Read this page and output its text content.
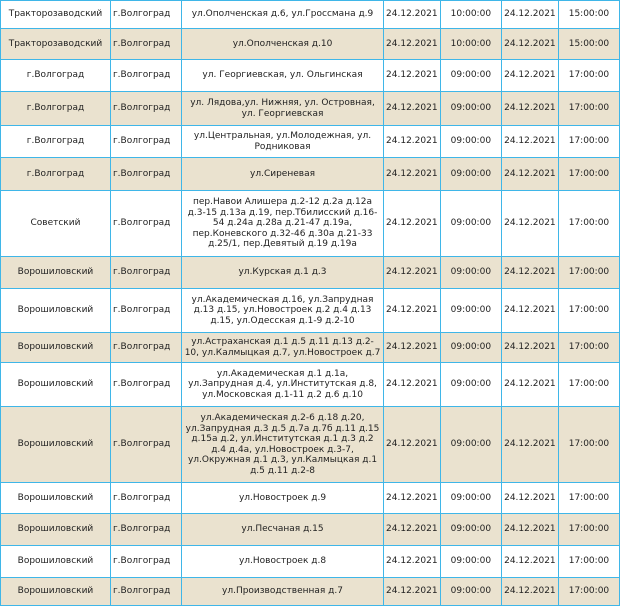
Тракторозаводский	г.Волгоград	ул.Ополченская д.6, ул.Гроссмана д.9	24.12.2021	10:00:00	24.12.2021	15:00:00
Тракторозаводский	г.Волгоград	ул.Ополченская д.10	24.12.2021	10:00:00	24.12.2021	15:00:00
г.Волгоград	г.Волгоград	ул. Георгиевская, ул. Ольгинская	24.12.2021	09:00:00	24.12.2021	17:00:00
г.Волгоград	г.Волгоград	ул. Лядова,ул. Нижняя, ул. Островная, ул. Георгиевская	24.12.2021	09:00:00	24.12.2021	17:00:00
г.Волгоград	г.Волгоград	ул.Центральная, ул.Молодежная, ул. Родниковая	24.12.2021	09:00:00	24.12.2021	17:00:00
г.Волгоград	г.Волгоград	ул.Сиреневая	24.12.2021	09:00:00	24.12.2021	17:00:00
Советский	г.Волгоград	пер.Навои Алишера д.2-12 д.2а д.12а д.3-15 д.13а д.19, пер.Тбилисский д.16-54 д.24а д.28а д.21-47 д.19а, пер.Коневского д.32-46 д.30а д.21-33 д.25/1, пер.Девятый д.19 д.19а	24.12.2021	09:00:00	24.12.2021	17:00:00
Ворошиловский	г.Волгоград	ул.Курская д.1 д.3	24.12.2021	09:00:00	24.12.2021	17:00:00
Ворошиловский	г.Волгоград	ул.Академическая д.16, ул.Запрудная д.13 д.15, ул.Новостроек д.2 д.4 д.13 д.15, ул.Одесская д.1-9 д.2-10	24.12.2021	09:00:00	24.12.2021	17:00:00
Ворошиловский	г.Волгоград	ул.Астраханская д.1 д.5 д.11 д.13 д.2-10, ул.Калмыцкая д.7, ул.Новостроек д.7	24.12.2021	09:00:00	24.12.2021	17:00:00
Ворошиловский	г.Волгоград	ул.Академическая д.1 д.1а, ул.Запрудная д.4, ул.Институтская д.8, ул.Московская д.1-11 д.2 д.6 д.10	24.12.2021	09:00:00	24.12.2021	17:00:00
Ворошиловский	г.Волгоград	ул.Академическая д.2-6 д.18 д.20, ул.Запрудная д.3 д.5 д.7а д.7б д.11 д.15 д.15а д.2, ул.Институтская д.1 д.3 д.2 д.4 д.4а, ул.Новостроек д.3-7, ул.Окружная д.1 д.3, ул.Калмыцкая д.1 д.5 д.11 д.2-8	24.12.2021	09:00:00	24.12.2021	17:00:00
Ворошиловский	г.Волгоград	ул.Новостроек д.9	24.12.2021	09:00:00	24.12.2021	17:00:00
Ворошиловский	г.Волгоград	ул.Песчаная д.15	24.12.2021	09:00:00	24.12.2021	17:00:00
Ворошиловский	г.Волгоград	ул.Новостроек д.8	24.12.2021	09:00:00	24.12.2021	17:00:00
Ворошиловский	г.Волгоград	ул.Производственная д.7	24.12.2021	09:00:00	24.12.2021	17:00:00
